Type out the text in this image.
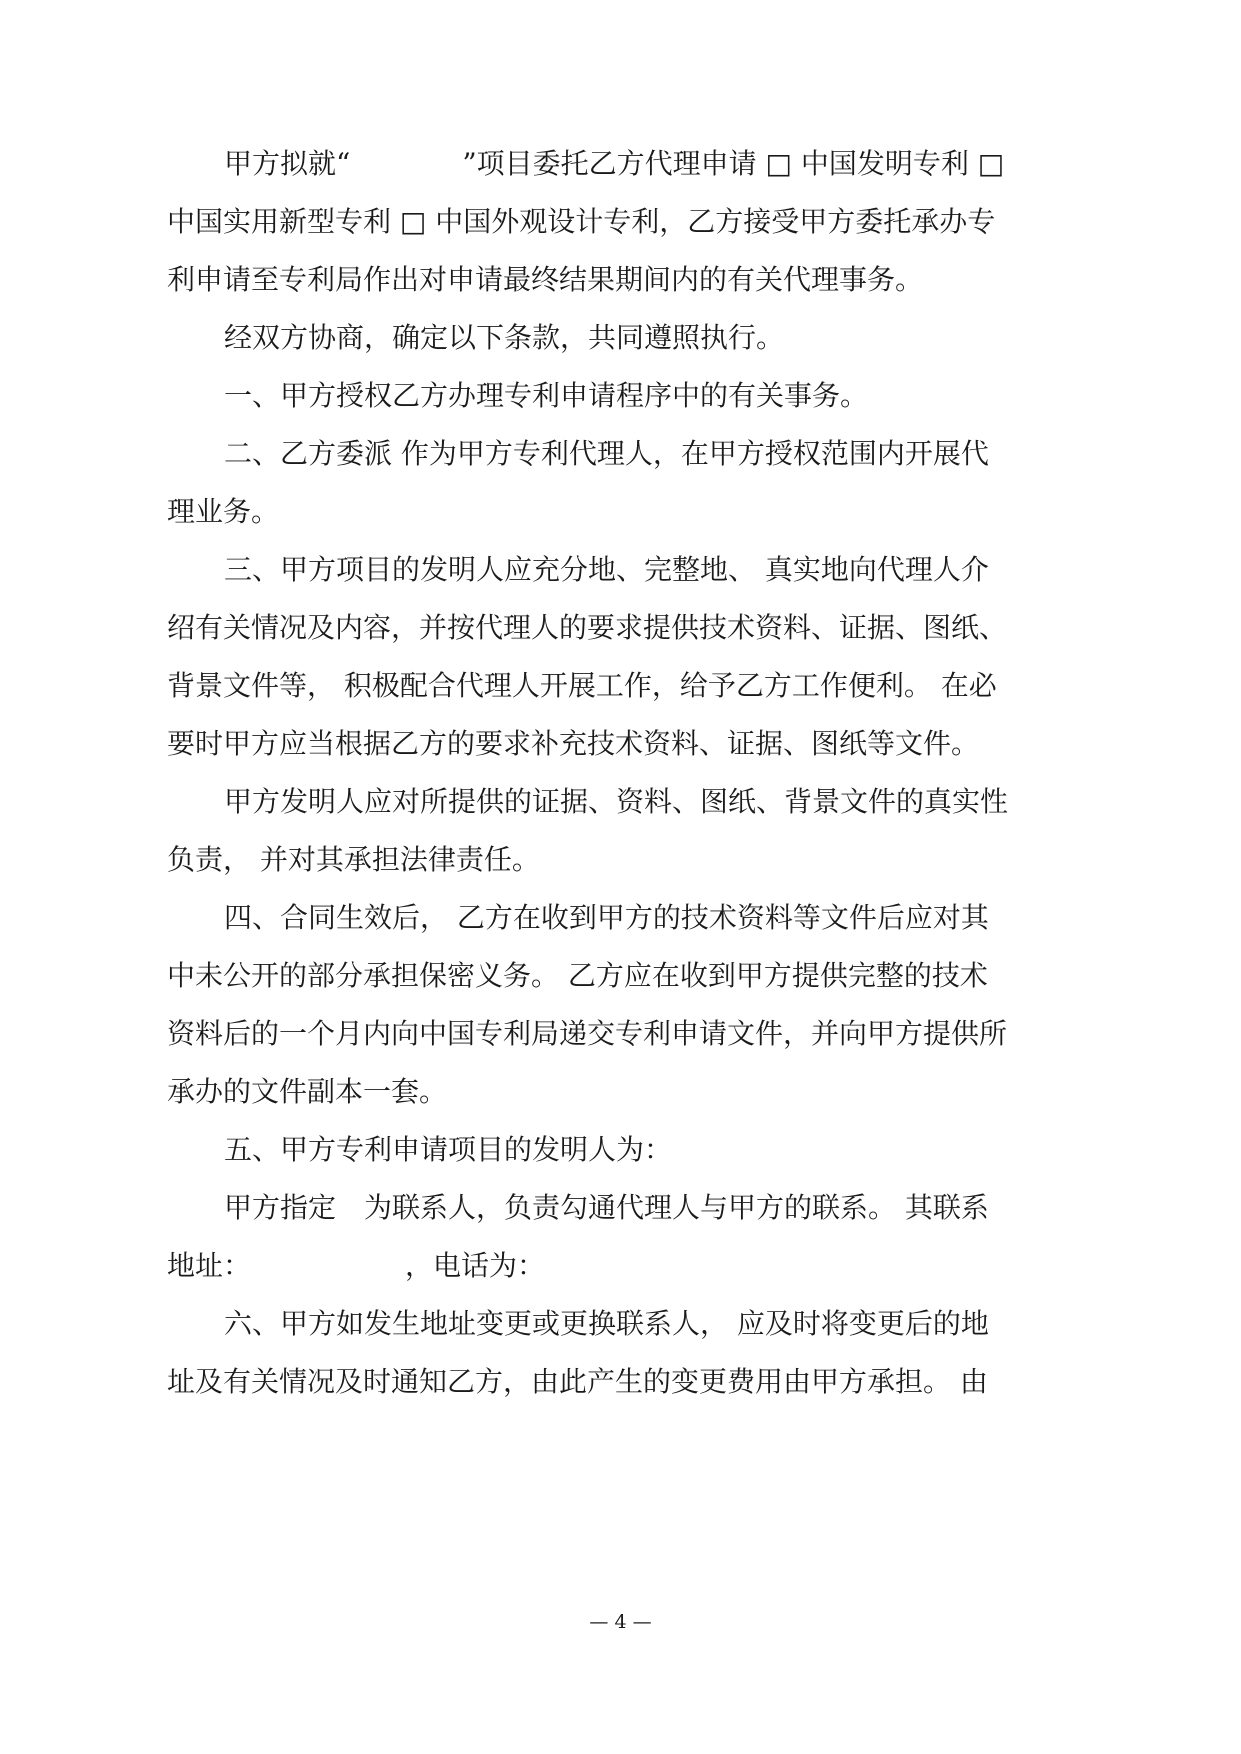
甲方拟就“　　　　”项目委托乙方代理申请 □ 中国发明专利 □
中国实用新型专利 □ 中国外观设计专利，乙方接受甲方委托承办专
利申请至专利局作出对申请最终结果期间内的有关代理事务。
经双方协商，确定以下条款，共同遵照执行。
一、甲方授权乙方办理专利申请程序中的有关事务。
二、乙方委派 作为甲方专利代理人，在甲方授权范围内开展代
理业务。
三、甲方项目的发明人应充分地、完整地、 真实地向代理人介
绍有关情况及内容，并按代理人的要求提供技术资料、证据、图纸、
背景文件等， 积极配合代理人开展工作，给予乙方工作便利。 在必
要时甲方应当根据乙方的要求补充技术资料、证据、图纸等文件。
甲方发明人应对所提供的证据、资料、图纸、背景文件的真实性
负责， 并对其承担法律责任。
四、合同生效后， 乙方在收到甲方的技术资料等文件后应对其
中未公开的部分承担保密义务。 乙方应在收到甲方提供完整的技术
资料后的一个月内向中国专利局递交专利申请文件，并向甲方提供所
承办的文件副本一套。
五、甲方专利申请项目的发明人为：
甲方指定　为联系人，负责勾通代理人与甲方的联系。 其联系
地址：　　　　　　，电话为：
六、甲方如发生地址变更或更换联系人， 应及时将变更后的地
址及有关情况及时通知乙方，由此产生的变更费用由甲方承担。 由
— 4 —
